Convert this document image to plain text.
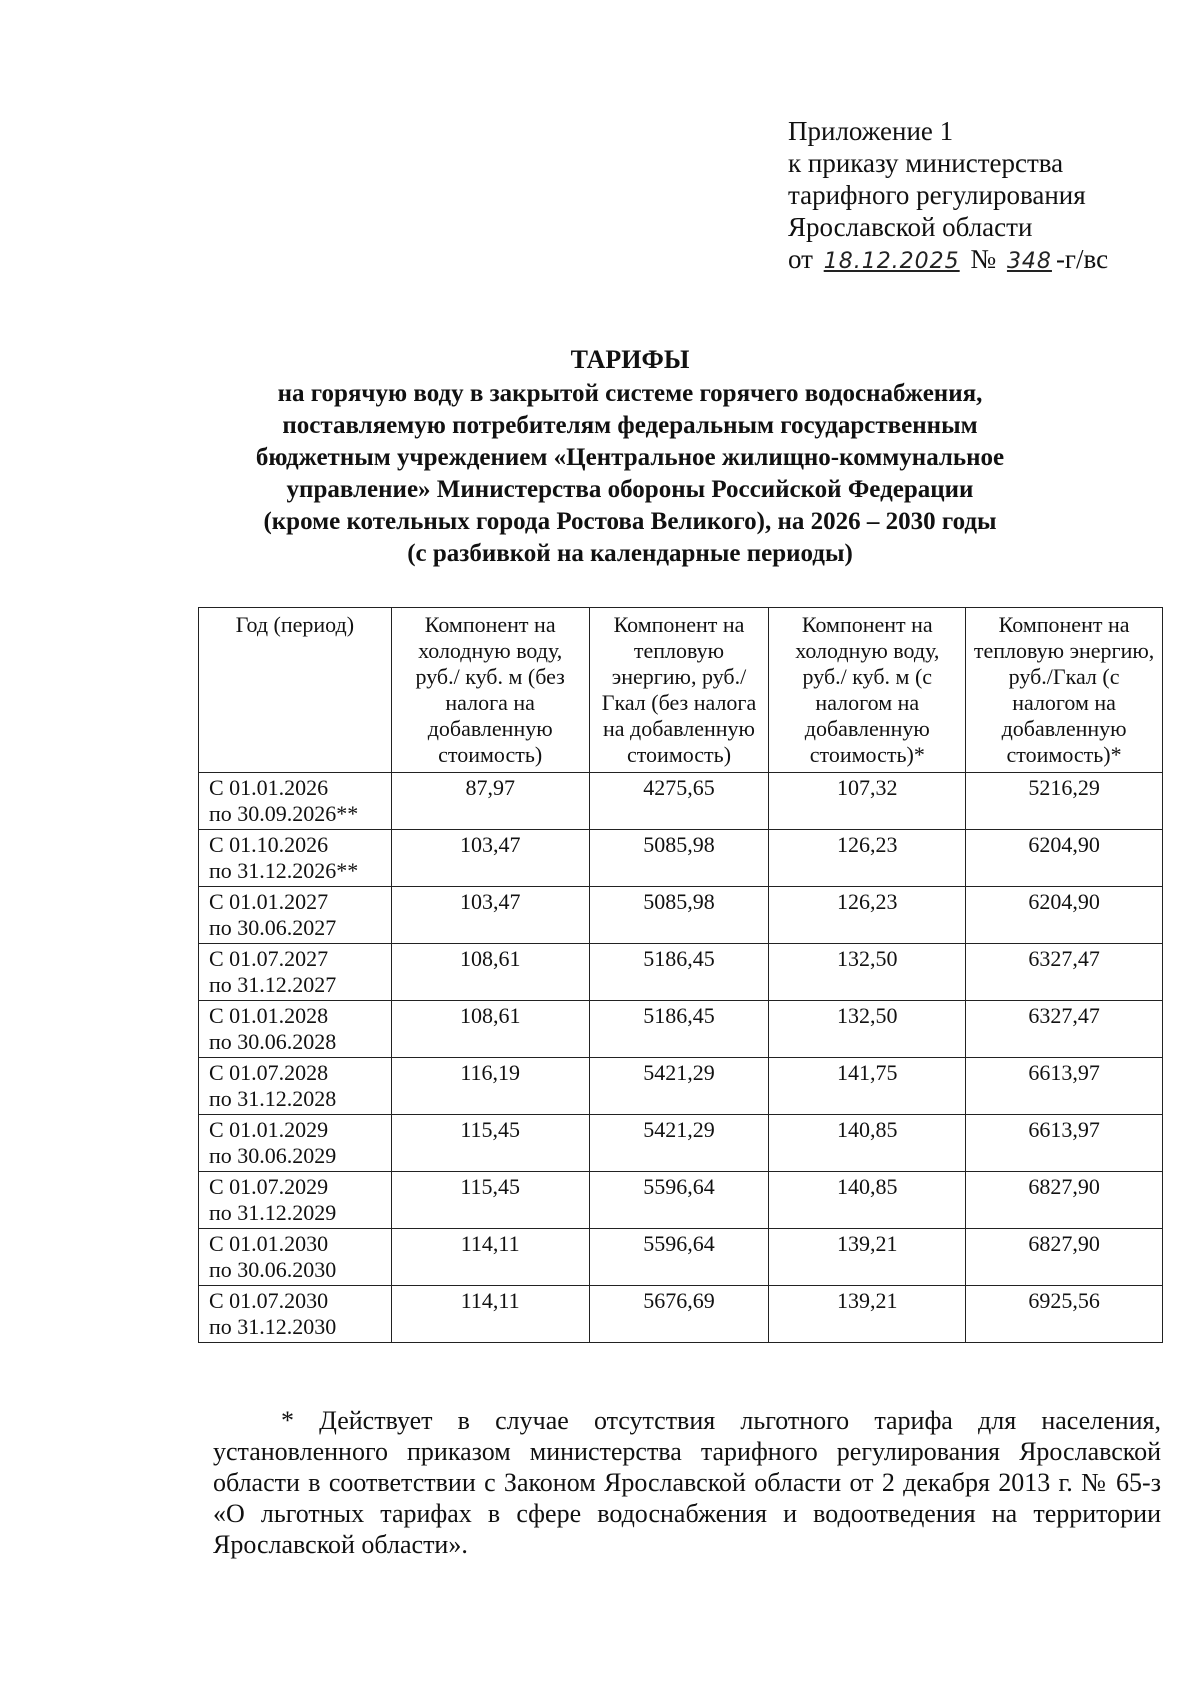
Приложение 1
к приказу министерства
тарифного регулирования
Ярославской области
от 18.12.2025 № 348 -г/вс
ТАРИФЫ
на горячую воду в закрытой системе горячего водоснабжения,
поставляемую потребителям федеральным государственным
бюджетным учреждением «Центральное жилищно-коммунальное
управление» Министерства обороны Российской Федерации
(кроме котельных города Ростова Великого), на 2026 – 2030 годы
(с разбивкой на календарные периоды)
Год (период)	Компонент на холодную воду, руб./ куб. м (без налога на добавленную стоимость)	Компонент на тепловую энергию, руб./Гкал (без налога на добавленную стоимость)	Компонент на холодную воду, руб./ куб. м (с налогом на добавленную стоимость)*	Компонент на тепловую энергию, руб./Гкал (с налогом на добавленную стоимость)*
С 01.01.2026
по 30.09.2026**	87,97	4275,65	107,32	5216,29
С 01.10.2026
по 31.12.2026**	103,47	5085,98	126,23	6204,90
С 01.01.2027
по 30.06.2027	103,47	5085,98	126,23	6204,90
С 01.07.2027
по 31.12.2027	108,61	5186,45	132,50	6327,47
С 01.01.2028
по 30.06.2028	108,61	5186,45	132,50	6327,47
С 01.07.2028
по 31.12.2028	116,19	5421,29	141,75	6613,97
С 01.01.2029
по 30.06.2029	115,45	5421,29	140,85	6613,97
С 01.07.2029
по 31.12.2029	115,45	5596,64	140,85	6827,90
С 01.01.2030
по 30.06.2030	114,11	5596,64	139,21	6827,90
С 01.07.2030
по 31.12.2030	114,11	5676,69	139,21	6925,56
* Действует в случае отсутствия льготного тарифа для населения, установленного приказом министерства тарифного регулирования Ярославской области в соответствии с Законом Ярославской области от 2 декабря 2013 г. № 65-з «О льготных тарифах в сфере водоснабжения и водоотведения на территории Ярославской области».
